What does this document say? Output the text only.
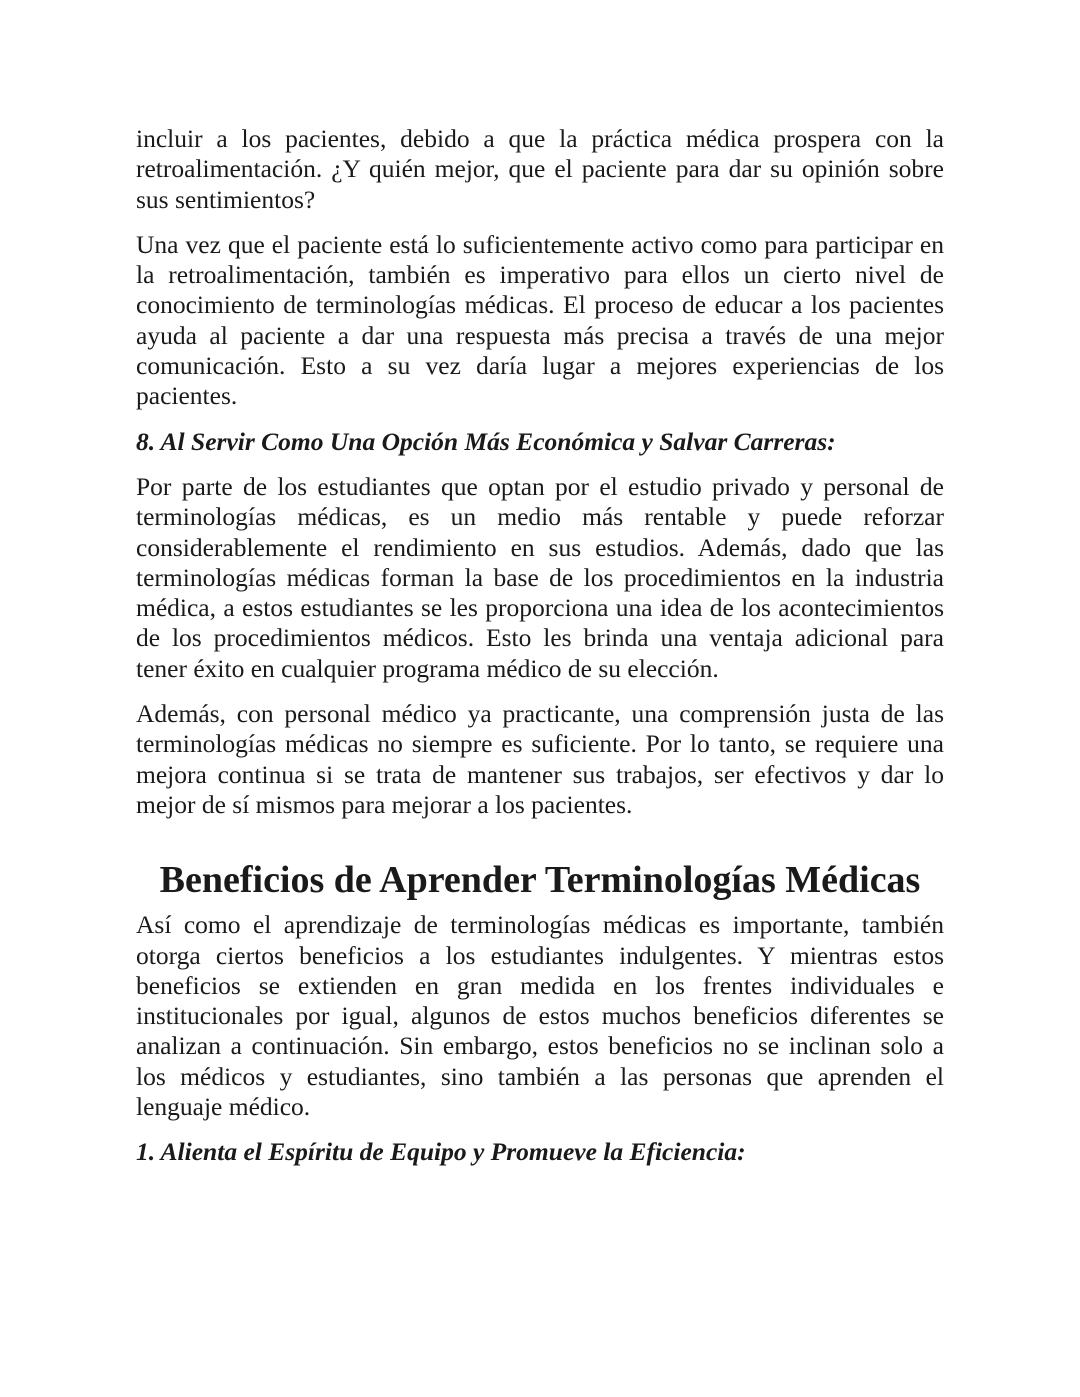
incluir a los pacientes, debido a que la práctica médica prospera con la retroalimentación. ¿Y quién mejor, que el paciente para dar su opinión sobre sus sentimientos?

Una vez que el paciente está lo suficientemente activo como para participar en la retroalimentación, también es imperativo para ellos un cierto nivel de conocimiento de terminologías médicas. El proceso de educar a los pacientes ayuda al paciente a dar una respuesta más precisa a través de una mejor comunicación. Esto a su vez daría lugar a mejores experiencias de los pacientes.

8. Al Servir Como Una Opción Más Económica y Salvar Carreras:

Por parte de los estudiantes que optan por el estudio privado y personal de terminologías médicas, es un medio más rentable y puede reforzar considerablemente el rendimiento en sus estudios. Además, dado que las terminologías médicas forman la base de los procedimientos en la industria médica, a estos estudiantes se les proporciona una idea de los acontecimientos de los procedimientos médicos. Esto les brinda una ventaja adicional para tener éxito en cualquier programa médico de su elección.

Además, con personal médico ya practicante, una comprensión justa de las terminologías médicas no siempre es suficiente. Por lo tanto, se requiere una mejora continua si se trata de mantener sus trabajos, ser efectivos y dar lo mejor de sí mismos para mejorar a los pacientes.

Beneficios de Aprender Terminologías Médicas

Así como el aprendizaje de terminologías médicas es importante, también otorga ciertos beneficios a los estudiantes indulgentes. Y mientras estos beneficios se extienden en gran medida en los frentes individuales e institucionales por igual, algunos de estos muchos beneficios diferentes se analizan a continuación. Sin embargo, estos beneficios no se inclinan solo a los médicos y estudiantes, sino también a las personas que aprenden el lenguaje médico.

1. Alienta el Espíritu de Equipo y Promueve la Eficiencia:
